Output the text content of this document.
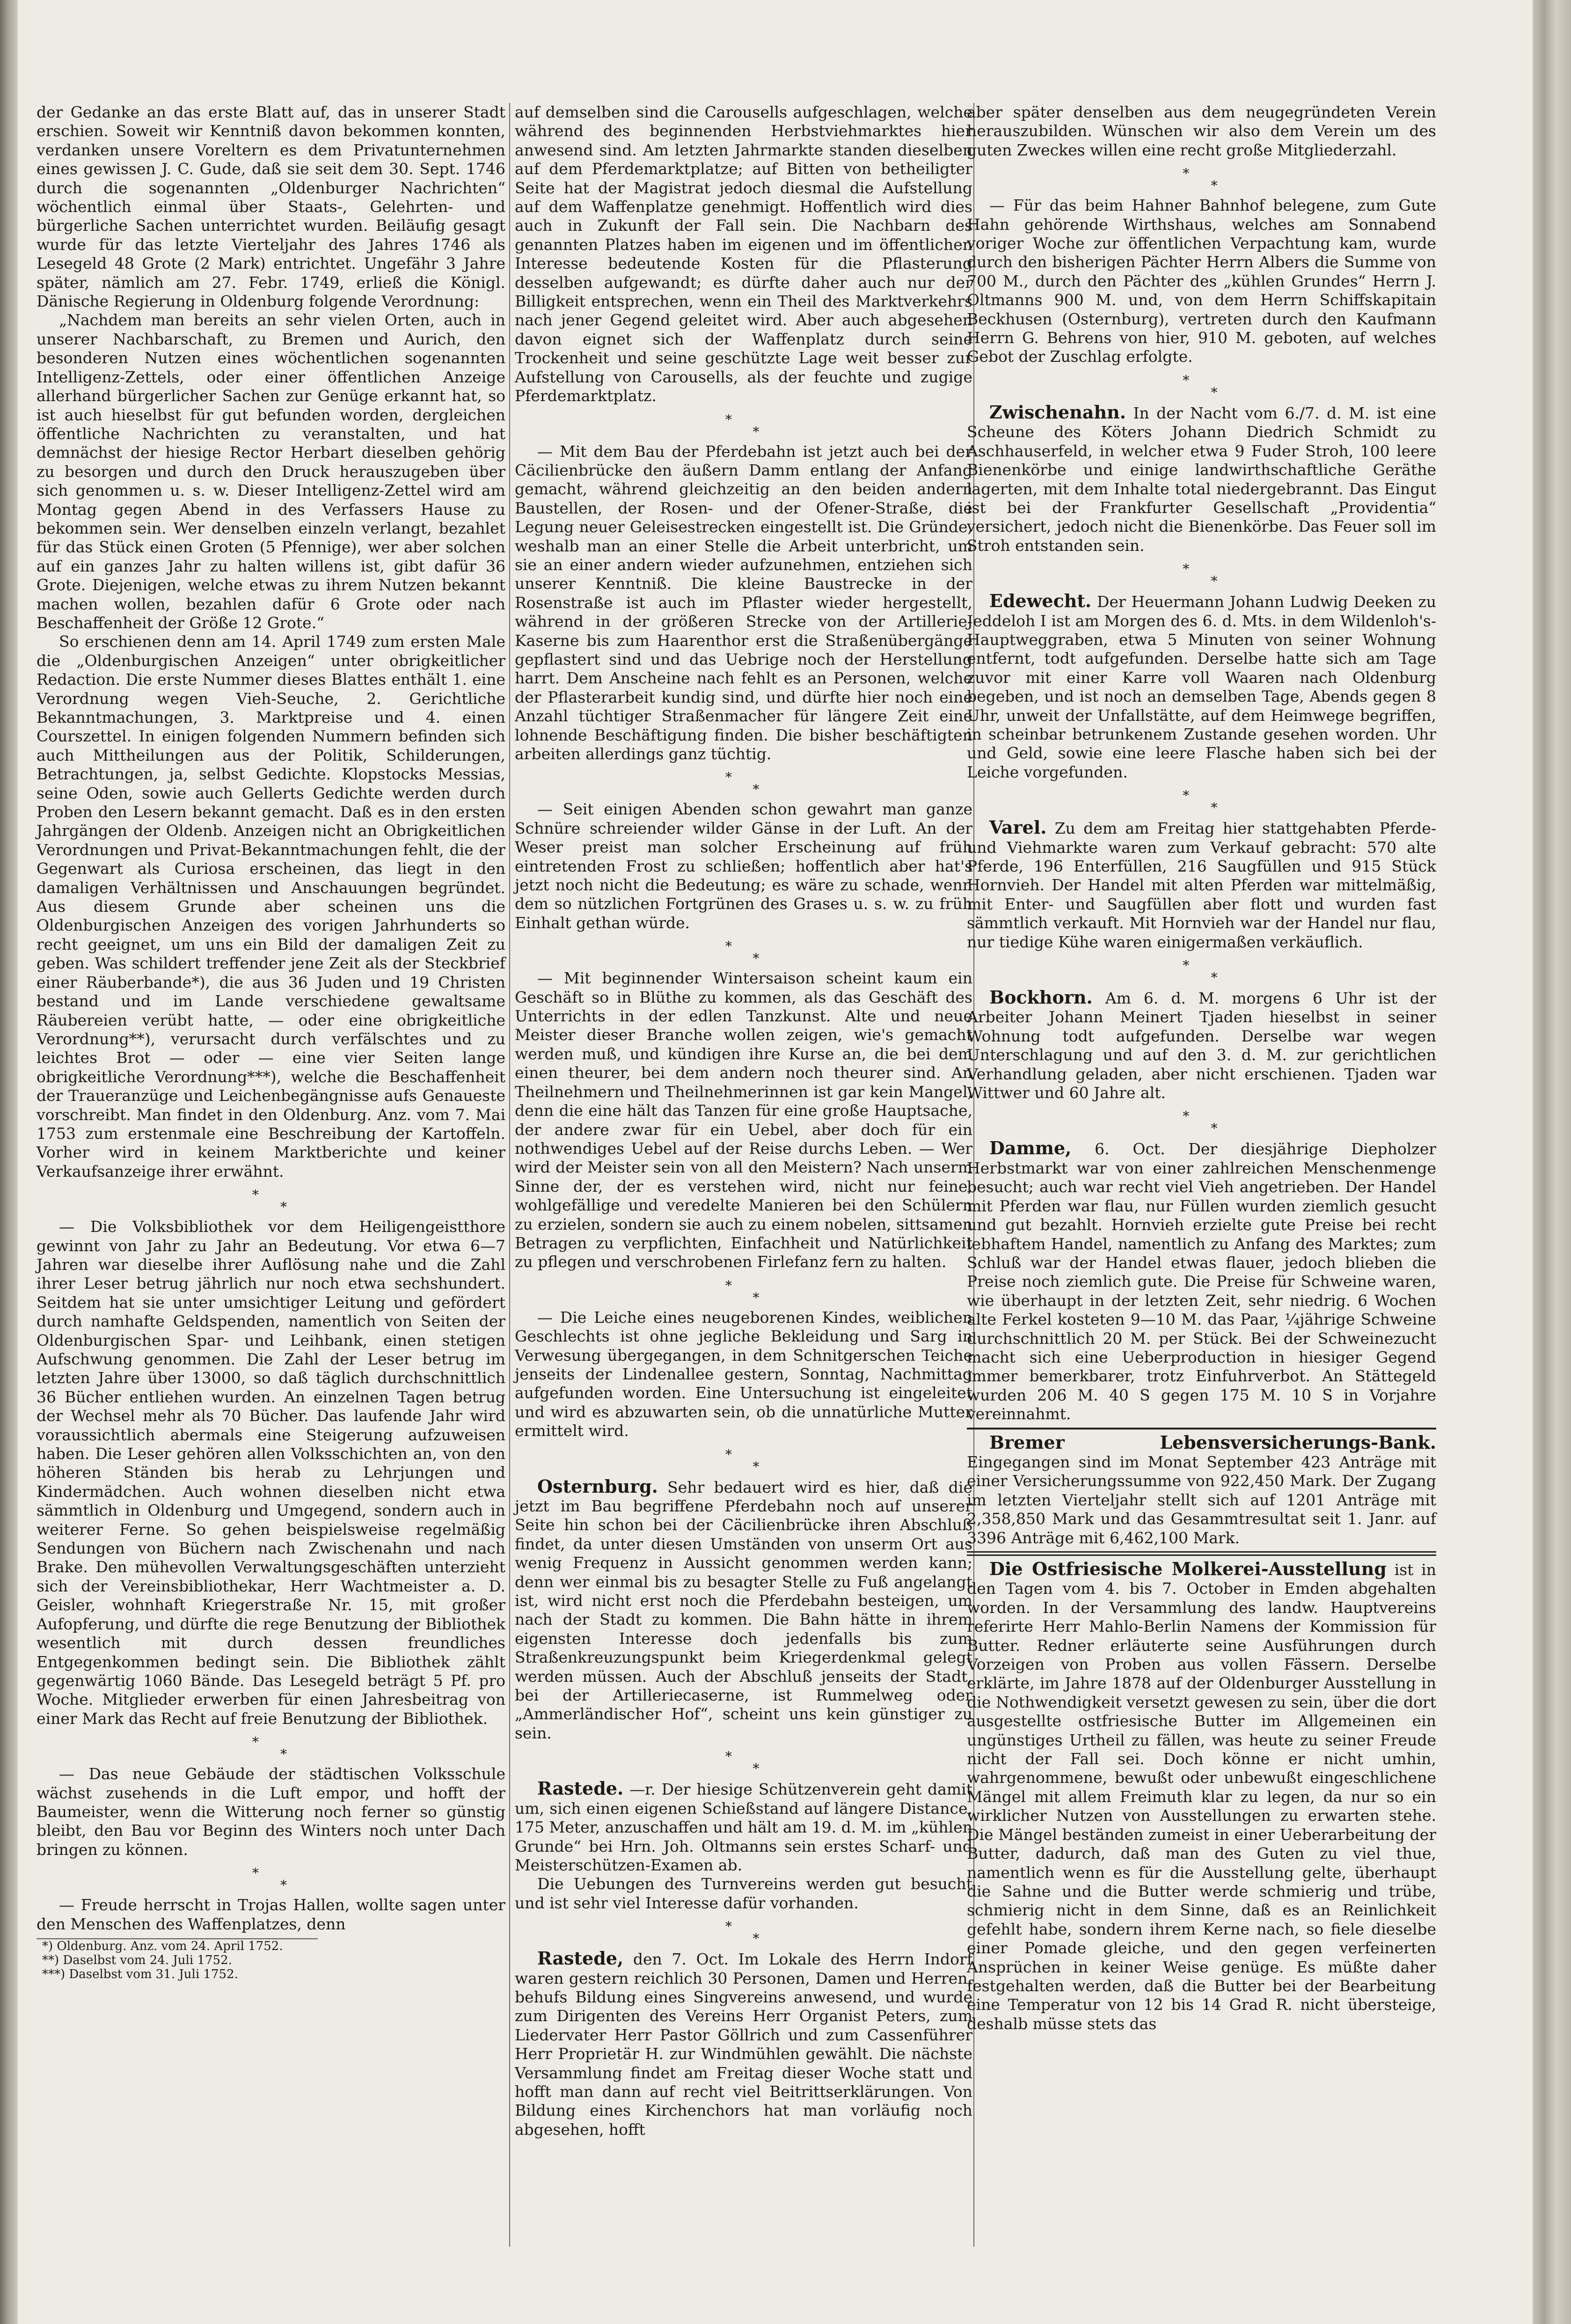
der Gedanke an das erste Blatt auf, das in unserer Stadt erschien. Soweit wir Kenntniß davon bekommen konnten, verdanken unsere Voreltern es dem Privatunternehmen eines gewissen J. C. Gude, daß sie seit dem 30. Sept. 1746 durch die sogenannten „Oldenburger Nachrichten“ wöchentlich einmal über Staats-, Gelehrten- und bürgerliche Sachen unterrichtet wurden. Beiläufig gesagt wurde für das letzte Vierteljahr des Jahres 1746 als Lesegeld 48 Grote (2 Mark) entrichtet. Ungefähr 3 Jahre später, nämlich am 27. Febr. 1749, erließ die Königl. Dänische Regierung in Oldenburg folgende Verordnung:

„Nachdem man bereits an sehr vielen Orten, auch in unserer Nachbarschaft, zu Bremen und Aurich, den besonderen Nutzen eines wöchentlichen sogenannten Intelligenz-Zettels, oder einer öffentlichen Anzeige allerhand bürgerlicher Sachen zur Genüge erkannt hat, so ist auch hieselbst für gut befunden worden, dergleichen öffentliche Nachrichten zu veranstalten, und hat demnächst der hiesige Rector Herbart dieselben gehörig zu besorgen und durch den Druck herauszugeben über sich genommen u. s. w. Dieser Intelligenz-Zettel wird am Montag gegen Abend in des Verfassers Hause zu bekommen sein. Wer denselben einzeln verlangt, bezahlet für das Stück einen Groten (5 Pfennige), wer aber solchen auf ein ganzes Jahr zu halten willens ist, gibt dafür 36 Grote. Diejenigen, welche etwas zu ihrem Nutzen bekannt machen wollen, bezahlen dafür 6 Grote oder nach Beschaffenheit der Größe 12 Grote.“

So erschienen denn am 14. April 1749 zum ersten Male die „Oldenburgischen Anzeigen“ unter obrigkeitlicher Redaction. Die erste Nummer dieses Blattes enthält 1. eine Verordnung wegen Vieh-Seuche, 2. Gerichtliche Bekanntmachungen, 3. Marktpreise und 4. einen Courszettel. In einigen folgenden Nummern befinden sich auch Mittheilungen aus der Politik, Schilderungen, Betrachtungen, ja, selbst Gedichte. Klopstocks Messias, seine Oden, sowie auch Gellerts Gedichte werden durch Proben den Lesern bekannt gemacht. Daß es in den ersten Jahrgängen der Oldenb. Anzeigen nicht an Obrigkeitlichen Verordnungen und Privat-Bekanntmachungen fehlt, die der Gegenwart als Curiosa erscheinen, das liegt in den damaligen Verhältnissen und Anschauungen begründet. Aus diesem Grunde aber scheinen uns die Oldenburgischen Anzeigen des vorigen Jahrhunderts so recht geeignet, um uns ein Bild der damaligen Zeit zu geben. Was schildert treffender jene Zeit als der Steckbrief einer Räuberbande*), die aus 36 Juden und 19 Christen bestand und im Lande verschiedene gewaltsame Räubereien verübt hatte, — oder eine obrigkeitliche Verordnung**), verursacht durch verfälschtes und zu leichtes Brot — oder — eine vier Seiten lange obrigkeitliche Verordnung***), welche die Beschaffenheit der Traueranzüge und Leichenbegängnisse aufs Genaueste vorschreibt. Man findet in den Oldenburg. Anz. vom 7. Mai 1753 zum erstenmale eine Beschreibung der Kartoffeln. Vorher wird in keinem Marktberichte und keiner Verkaufsanzeige ihrer erwähnt.

*
*

— Die Volksbibliothek vor dem Heiligengeistthore gewinnt von Jahr zu Jahr an Bedeutung. Vor etwa 6—7 Jahren war dieselbe ihrer Auflösung nahe und die Zahl ihrer Leser betrug jährlich nur noch etwa sechshundert. Seitdem hat sie unter umsichtiger Leitung und gefördert durch namhafte Geldspenden, namentlich von Seiten der Oldenburgischen Spar- und Leihbank, einen stetigen Aufschwung genommen. Die Zahl der Leser betrug im letzten Jahre über 13000, so daß täglich durchschnittlich 36 Bücher entliehen wurden. An einzelnen Tagen betrug der Wechsel mehr als 70 Bücher. Das laufende Jahr wird voraussichtlich abermals eine Steigerung aufzuweisen haben. Die Leser gehören allen Volksschichten an, von den höheren Ständen bis herab zu Lehrjungen und Kindermädchen. Auch wohnen dieselben nicht etwa sämmtlich in Oldenburg und Umgegend, sondern auch in weiterer Ferne. So gehen beispielsweise regelmäßig Sendungen von Büchern nach Zwischenahn und nach Brake. Den mühevollen Verwaltungsgeschäften unterzieht sich der Vereinsbibliothekar, Herr Wachtmeister a. D. Geisler, wohnhaft Kriegerstraße Nr. 15, mit großer Aufopferung, und dürfte die rege Benutzung der Bibliothek wesentlich mit durch dessen freundliches Entgegenkommen bedingt sein. Die Bibliothek zählt gegenwärtig 1060 Bände. Das Lesegeld beträgt 5 Pf. pro Woche. Mitglieder erwerben für einen Jahresbeitrag von einer Mark das Recht auf freie Benutzung der Bibliothek.

*
*

— Das neue Gebäude der städtischen Volksschule wächst zusehends in die Luft empor, und hofft der Baumeister, wenn die Witterung noch ferner so günstig bleibt, den Bau vor Beginn des Winters noch unter Dach bringen zu können.

*
*

— Freude herrscht in Trojas Hallen, wollte sagen unter den Menschen des Waffenplatzes, denn

*) Oldenburg. Anz. vom 24. April 1752.
**) Daselbst vom 24. Juli 1752.
***) Daselbst vom 31. Juli 1752.

auf demselben sind die Carousells aufgeschlagen, welche während des beginnenden Herbstviehmarktes hier anwesend sind. Am letzten Jahrmarkte standen dieselben auf dem Pferdemarktplatze; auf Bitten von betheiligter Seite hat der Magistrat jedoch diesmal die Aufstellung auf dem Waffenplatze genehmigt. Hoffentlich wird dies auch in Zukunft der Fall sein. Die Nachbarn des genannten Platzes haben im eigenen und im öffentlichen Interesse bedeutende Kosten für die Pflasterung desselben aufgewandt; es dürfte daher auch nur der Billigkeit entsprechen, wenn ein Theil des Marktverkehrs nach jener Gegend geleitet wird. Aber auch abgesehen davon eignet sich der Waffenplatz durch seine Trockenheit und seine geschützte Lage weit besser zur Aufstellung von Carousells, als der feuchte und zugige Pferdemarktplatz.

*
*

— Mit dem Bau der Pferdebahn ist jetzt auch bei der Cäcilienbrücke den äußern Damm entlang der Anfang gemacht, während gleichzeitig an den beiden andern Baustellen, der Rosen- und der Ofener-Straße, die Legung neuer Geleisestrecken eingestellt ist. Die Gründe, weshalb man an einer Stelle die Arbeit unterbricht, um sie an einer andern wieder aufzunehmen, entziehen sich unserer Kenntniß. Die kleine Baustrecke in der Rosenstraße ist auch im Pflaster wieder hergestellt, während in der größeren Strecke von der Artillerie-Kaserne bis zum Haarenthor erst die Straßenübergänge gepflastert sind und das Uebrige noch der Herstellung harrt. Dem Anscheine nach fehlt es an Personen, welche der Pflasterarbeit kundig sind, und dürfte hier noch eine Anzahl tüchtiger Straßenmacher für längere Zeit eine lohnende Beschäftigung finden. Die bisher beschäftigten arbeiten allerdings ganz tüchtig.

*
*

— Seit einigen Abenden schon gewahrt man ganze Schnüre schreiender wilder Gänse in der Luft. An der Weser preist man solcher Erscheinung auf früh eintretenden Frost zu schließen; hoffentlich aber hat's jetzt noch nicht die Bedeutung; es wäre zu schade, wenn dem so nützlichen Fortgrünen des Grases u. s. w. zu früh Einhalt gethan würde.

*
*

— Mit beginnender Wintersaison scheint kaum ein Geschäft so in Blüthe zu kommen, als das Geschäft des Unterrichts in der edlen Tanzkunst. Alte und neue Meister dieser Branche wollen zeigen, wie's gemacht werden muß, und kündigen ihre Kurse an, die bei dem einen theurer, bei dem andern noch theurer sind. An Theilnehmern und Theilnehmerinnen ist gar kein Mangel, denn die eine hält das Tanzen für eine große Hauptsache, der andere zwar für ein Uebel, aber doch für ein nothwendiges Uebel auf der Reise durchs Leben. — Wer wird der Meister sein von all den Meistern? Nach unserm Sinne der, der es verstehen wird, nicht nur feine, wohlgefällige und veredelte Manieren bei den Schülern zu erzielen, sondern sie auch zu einem nobelen, sittsamen Betragen zu verpflichten, Einfachheit und Natürlichkeit zu pflegen und verschrobenen Firlefanz fern zu halten.

*
*

— Die Leiche eines neugeborenen Kindes, weiblichen Geschlechts ist ohne jegliche Bekleidung und Sarg in Verwesung übergegangen, in dem Schnitgerschen Teiche jenseits der Lindenallee gestern, Sonntag, Nachmittag aufgefunden worden. Eine Untersuchung ist eingeleitet und wird es abzuwarten sein, ob die unnatürliche Mutter ermittelt wird.

*
*

Osternburg. Sehr bedauert wird es hier, daß die jetzt im Bau begriffene Pferdebahn noch auf unserer Seite hin schon bei der Cäcilienbrücke ihren Abschluß findet, da unter diesen Umständen von unserm Ort aus wenig Frequenz in Aussicht genommen werden kann; denn wer einmal bis zu besagter Stelle zu Fuß angelangt ist, wird nicht erst noch die Pferdebahn besteigen, um nach der Stadt zu kommen. Die Bahn hätte in ihrem eigensten Interesse doch jedenfalls bis zum Straßenkreuzungspunkt beim Kriegerdenkmal gelegt werden müssen. Auch der Abschluß jenseits der Stadt, bei der Artilleriecaserne, ist Rummelweg oder „Ammerländischer Hof“, scheint uns kein günstiger zu sein.

*
*

Rastede. —r. Der hiesige Schützenverein geht damit um, sich einen eigenen Schießstand auf längere Distance, 175 Meter, anzuschaffen und hält am 19. d. M. im „kühlen Grunde“ bei Hrn. Joh. Oltmanns sein erstes Scharf- und Meisterschützen-Examen ab.

Die Uebungen des Turnvereins werden gut besucht und ist sehr viel Interesse dafür vorhanden.

*
*

Rastede, den 7. Oct. Im Lokale des Herrn Indorf waren gestern reichlich 30 Personen, Damen und Herren, behufs Bildung eines Singvereins anwesend, und wurde zum Dirigenten des Vereins Herr Organist Peters, zum Liedervater Herr Pastor Göllrich und zum Cassenführer Herr Proprietär H. zur Windmühlen gewählt. Die nächste Versammlung findet am Freitag dieser Woche statt und hofft man dann auf recht viel Beitrittserklärungen. Von Bildung eines Kirchenchors hat man vorläufig noch abgesehen, hofft

aber später denselben aus dem neugegründeten Verein herauszubilden. Wünschen wir also dem Verein um des guten Zweckes willen eine recht große Mitgliederzahl.

*
*

— Für das beim Hahner Bahnhof belegene, zum Gute Hahn gehörende Wirthshaus, welches am Sonnabend voriger Woche zur öffentlichen Verpachtung kam, wurde durch den bisherigen Pächter Herrn Albers die Summe von 700 M., durch den Pächter des „kühlen Grundes“ Herrn J. Oltmanns 900 M. und, von dem Herrn Schiffskapitain Beckhusen (Osternburg), vertreten durch den Kaufmann Herrn G. Behrens von hier, 910 M. geboten, auf welches Gebot der Zuschlag erfolgte.

*
*

Zwischenahn. In der Nacht vom 6./7. d. M. ist eine Scheune des Köters Johann Diedrich Schmidt zu Aschhauserfeld, in welcher etwa 9 Fuder Stroh, 100 leere Bienenkörbe und einige landwirthschaftliche Geräthe lagerten, mit dem Inhalte total niedergebrannt. Das Eingut ist bei der Frankfurter Gesellschaft „Providentia“ versichert, jedoch nicht die Bienenkörbe. Das Feuer soll im Stroh entstanden sein.

*
*

Edewecht. Der Heuermann Johann Ludwig Deeken zu Jeddeloh I ist am Morgen des 6. d. Mts. in dem Wildenloh's-Hauptweggraben, etwa 5 Minuten von seiner Wohnung entfernt, todt aufgefunden. Derselbe hatte sich am Tage zuvor mit einer Karre voll Waaren nach Oldenburg begeben, und ist noch an demselben Tage, Abends gegen 8 Uhr, unweit der Unfallstätte, auf dem Heimwege begriffen, in scheinbar betrunkenem Zustande gesehen worden. Uhr und Geld, sowie eine leere Flasche haben sich bei der Leiche vorgefunden.

*
*

Varel. Zu dem am Freitag hier stattgehabten Pferde- und Viehmarkte waren zum Verkauf gebracht: 570 alte Pferde, 196 Enterfüllen, 216 Saugfüllen und 915 Stück Hornvieh. Der Handel mit alten Pferden war mittelmäßig, mit Enter- und Saugfüllen aber flott und wurden fast sämmtlich verkauft. Mit Hornvieh war der Handel nur flau, nur tiedige Kühe waren einigermaßen verkäuflich.

*
*

Bockhorn. Am 6. d. M. morgens 6 Uhr ist der Arbeiter Johann Meinert Tjaden hieselbst in seiner Wohnung todt aufgefunden. Derselbe war wegen Unterschlagung und auf den 3. d. M. zur gerichtlichen Verhandlung geladen, aber nicht erschienen. Tjaden war Wittwer und 60 Jahre alt.

*
*

Damme, 6. Oct. Der diesjährige Diepholzer Herbstmarkt war von einer zahlreichen Menschenmenge besucht; auch war recht viel Vieh angetrieben. Der Handel mit Pferden war flau, nur Füllen wurden ziemlich gesucht und gut bezahlt. Hornvieh erzielte gute Preise bei recht lebhaftem Handel, namentlich zu Anfang des Marktes; zum Schluß war der Handel etwas flauer, jedoch blieben die Preise noch ziemlich gute. Die Preise für Schweine waren, wie überhaupt in der letzten Zeit, sehr niedrig. 6 Wochen alte Ferkel kosteten 9—10 M. das Paar, ¼jährige Schweine durchschnittlich 20 M. per Stück. Bei der Schweinezucht macht sich eine Ueberproduction in hiesiger Gegend immer bemerkbarer, trotz Einfuhrverbot. An Stättegeld wurden 206 M. 40 S gegen 175 M. 10 S in Vorjahre vereinnahmt.

Bremer Lebensversicherungs-Bank. Eingegangen sind im Monat September 423 Anträge mit einer Versicherungssumme von 922,450 Mark. Der Zugang im letzten Vierteljahr stellt sich auf 1201 Anträge mit 2,358,850 Mark und das Gesammtresultat seit 1. Janr. auf 3396 Anträge mit 6,462,100 Mark.

Die Ostfriesische Molkerei-Ausstellung ist in den Tagen vom 4. bis 7. October in Emden abgehalten worden. In der Versammlung des landw. Hauptvereins referirte Herr Mahlo-Berlin Namens der Kommission für Butter. Redner erläuterte seine Ausführungen durch Vorzeigen von Proben aus vollen Fässern. Derselbe erklärte, im Jahre 1878 auf der Oldenburger Ausstellung in die Nothwendigkeit versetzt gewesen zu sein, über die dort ausgestellte ostfriesische Butter im Allgemeinen ein ungünstiges Urtheil zu fällen, was heute zu seiner Freude nicht der Fall sei. Doch könne er nicht umhin, wahrgenommene, bewußt oder unbewußt eingeschlichene Mängel mit allem Freimuth klar zu legen, da nur so ein wirklicher Nutzen von Ausstellungen zu erwarten stehe. Die Mängel beständen zumeist in einer Ueberarbeitung der Butter, dadurch, daß man des Guten zu viel thue, namentlich wenn es für die Ausstellung gelte, überhaupt die Sahne und die Butter werde schmierig und trübe, schmierig nicht in dem Sinne, daß es an Reinlichkeit gefehlt habe, sondern ihrem Kerne nach, so fiele dieselbe einer Pomade gleiche, und den gegen verfeinerten Ansprüchen in keiner Weise genüge. Es müßte daher festgehalten werden, daß die Butter bei der Bearbeitung eine Temperatur von 12 bis 14 Grad R. nicht übersteige, deshalb müsse stets das
